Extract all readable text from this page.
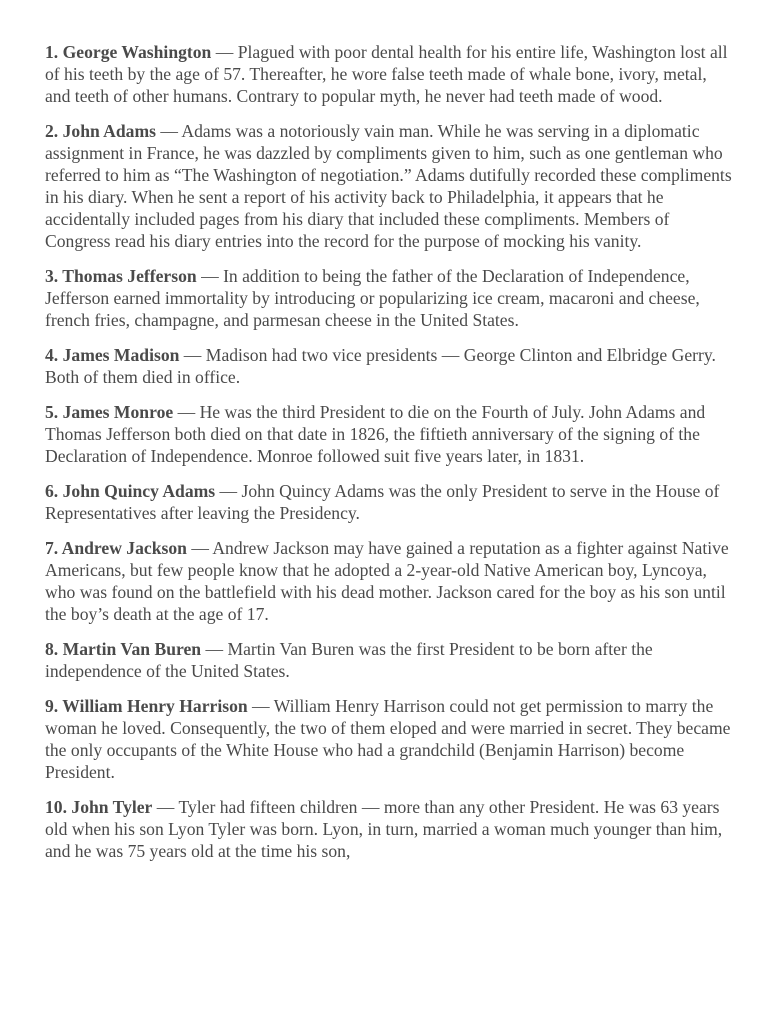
1. George Washington — Plagued with poor dental health for his entire life, Washington lost all of his teeth by the age of 57. Thereafter, he wore false teeth made of whale bone, ivory, metal, and teeth of other humans. Contrary to popular myth, he never had teeth made of wood.

2. John Adams — Adams was a notoriously vain man. While he was serving in a diplomatic assignment in France, he was dazzled by compliments given to him, such as one gentleman who referred to him as “The Washington of negotiation.” Adams dutifully recorded these compliments in his diary. When he sent a report of his activity back to Philadelphia, it appears that he accidentally included pages from his diary that included these compliments. Members of Congress read his diary entries into the record for the purpose of mocking his vanity.

3. Thomas Jefferson — In addition to being the father of the Declaration of Independence, Jefferson earned immortality by introducing or popularizing ice cream, macaroni and cheese, french fries, champagne, and parmesan cheese in the United States.

4. James Madison — Madison had two vice presidents — George Clinton and Elbridge Gerry. Both of them died in office.

5. James Monroe — He was the third President to die on the Fourth of July. John Adams and Thomas Jefferson both died on that date in 1826, the fiftieth anniversary of the signing of the Declaration of Independence. Monroe followed suit five years later, in 1831.

6. John Quincy Adams — John Quincy Adams was the only President to serve in the House of Representatives after leaving the Presidency.

7. Andrew Jackson — Andrew Jackson may have gained a reputation as a fighter against Native Americans, but few people know that he adopted a 2-year-old Native American boy, Lyncoya, who was found on the battlefield with his dead mother. Jackson cared for the boy as his son until the boy’s death at the age of 17.

8. Martin Van Buren — Martin Van Buren was the first President to be born after the independence of the United States.

9. William Henry Harrison — William Henry Harrison could not get permission to marry the woman he loved. Consequently, the two of them eloped and were married in secret. They became the only occupants of the White House who had a grandchild (Benjamin Harrison) become President.

10. John Tyler — Tyler had fifteen children — more than any other President. He was 63 years old when his son Lyon Tyler was born. Lyon, in turn, married a woman much younger than him, and he was 75 years old at the time his son,
